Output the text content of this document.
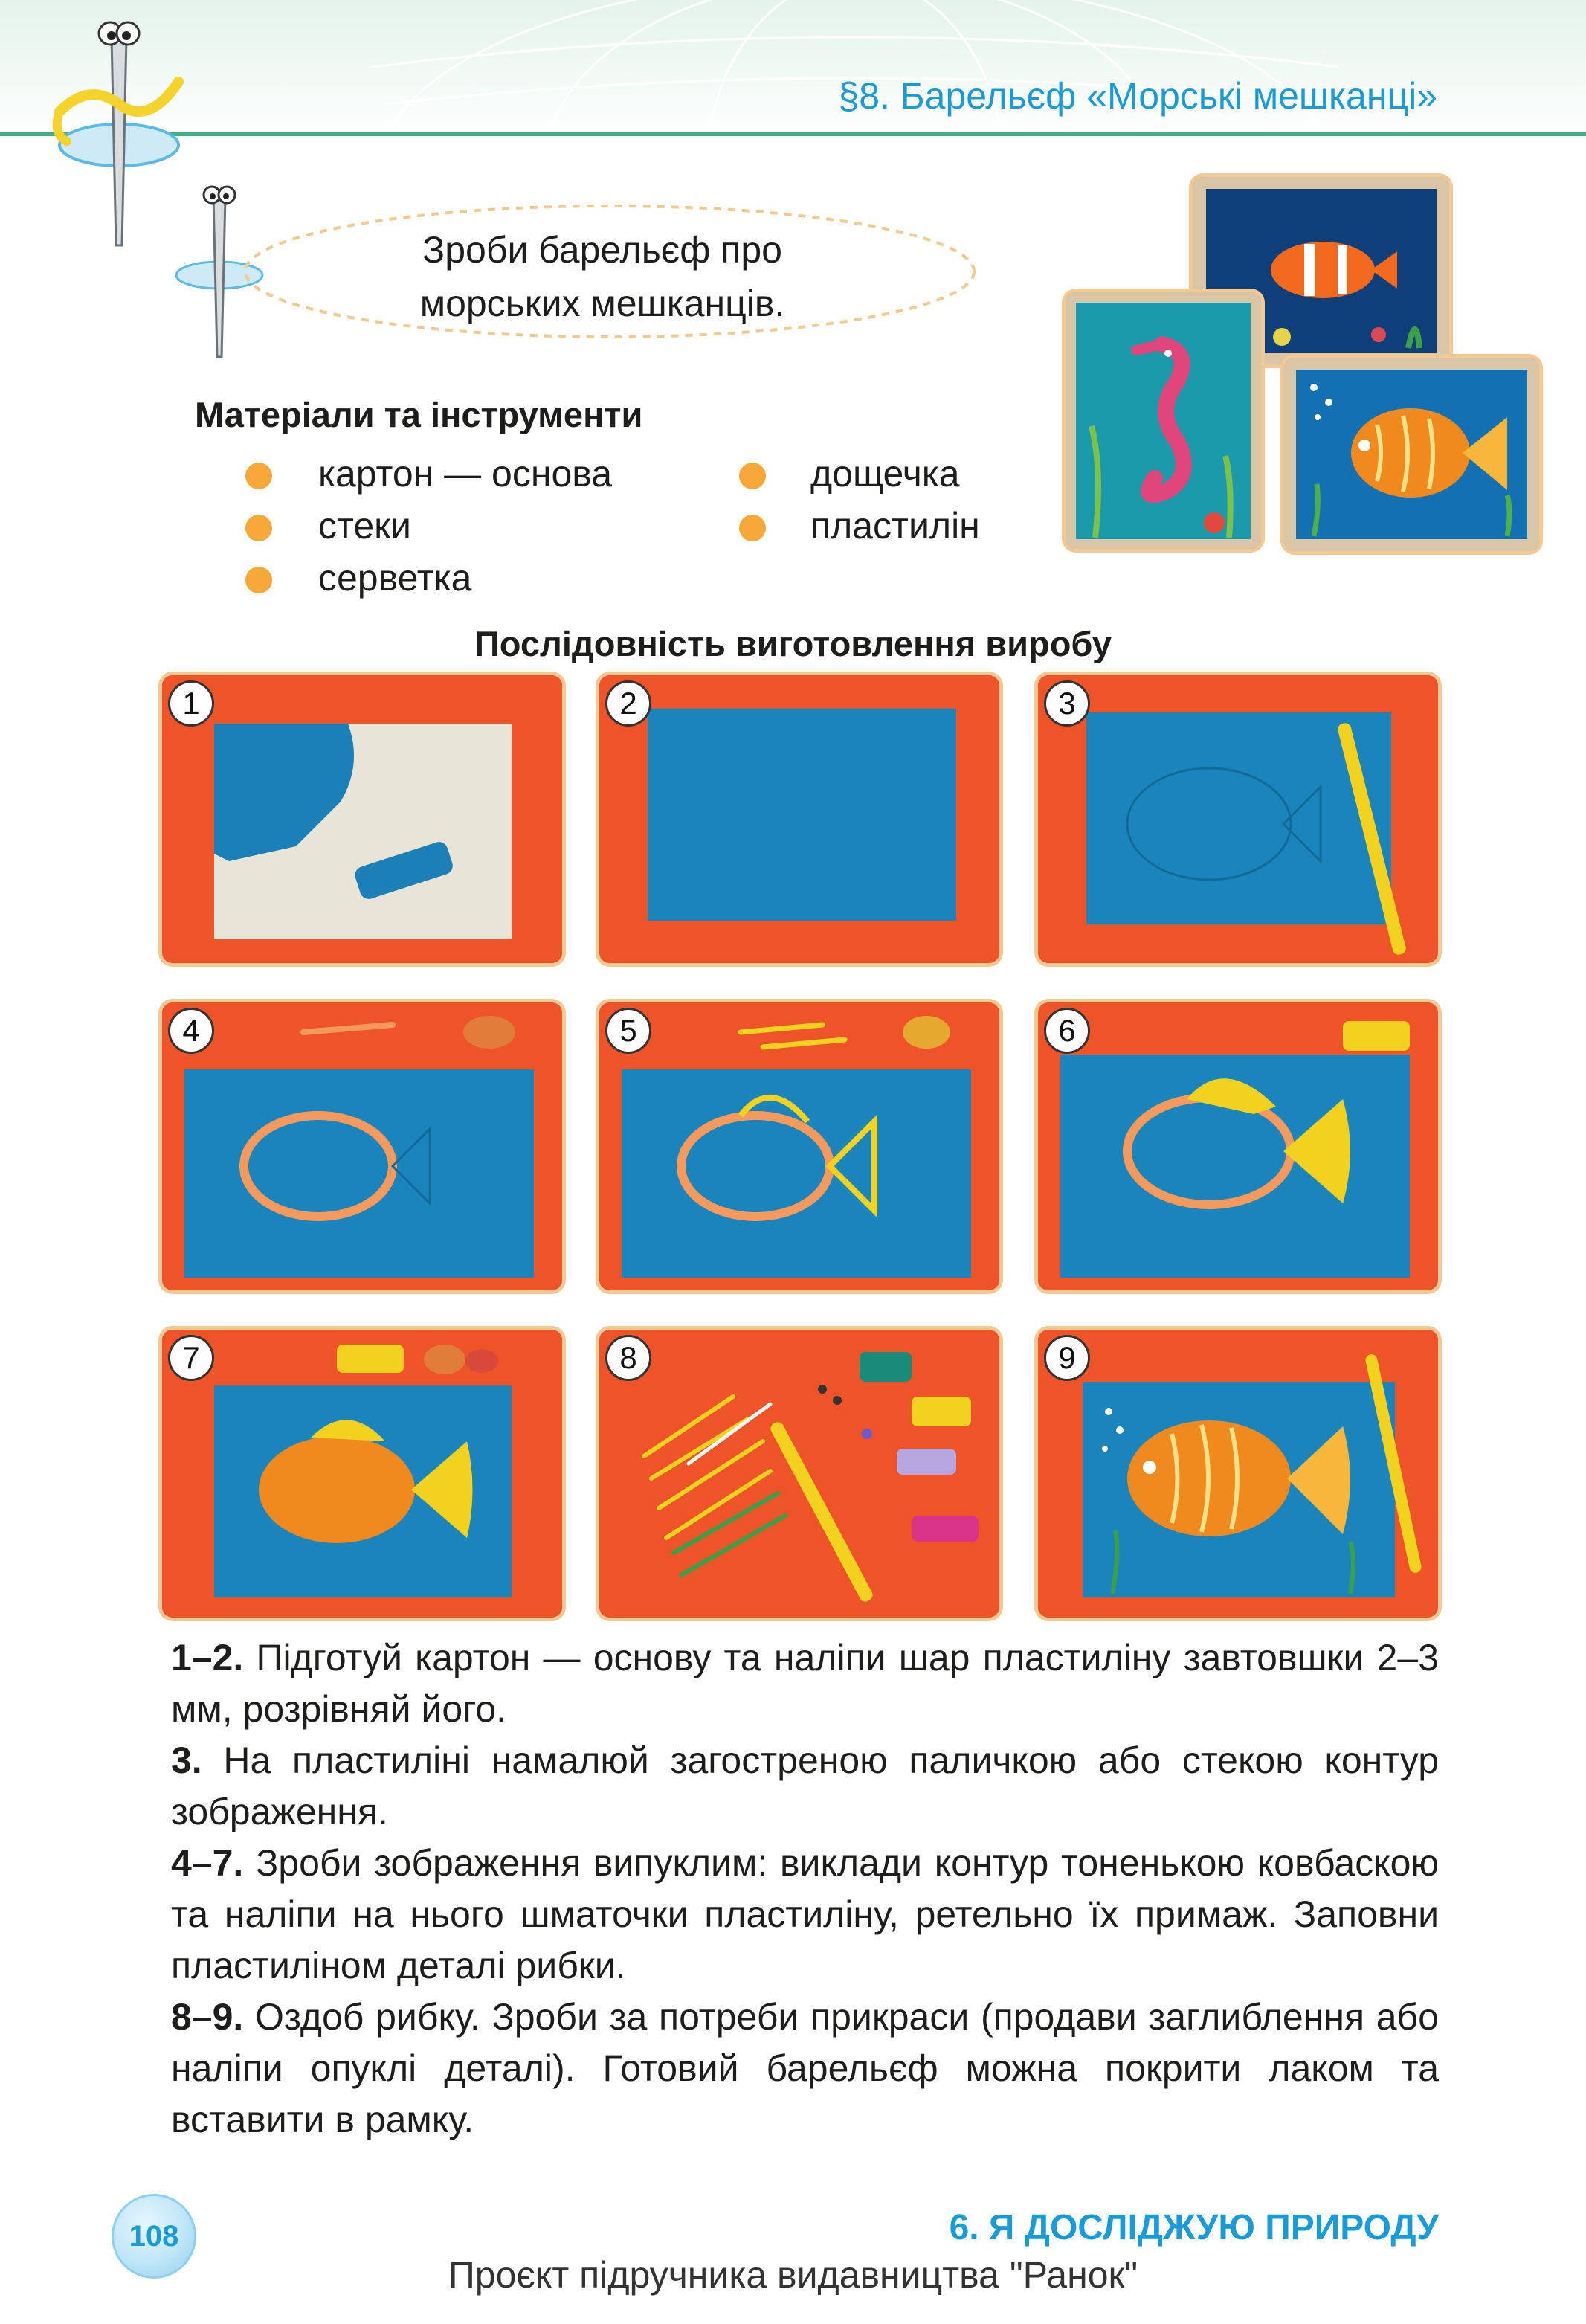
§8. Барельєф «Морські мешканці»
Зроби барельєф про
морських мешканців.
Матеріали та інструменти
картон — основа
стеки
серветка
дощечка
пластилін
Послідовність виготовлення виробу
1	2	3
4	5	6
7	8	9
1–2. Підготуй картон — основу та наліпи шар пластиліну завтовшки 2–3 мм, розрівняй його.
3. На пластиліні намалюй загостреною паличкою або стекою контур зображення.
4–7. Зроби зображення випуклим: виклади контур тоненькою ковбаскою та наліпи на нього шматочки пластиліну, ретельно їх примаж. Заповни пластиліном деталі рибки.
8–9. Оздоб рибку. Зроби за потреби прикраси (продави заглиблення або наліпи опуклі деталі). Готовий барельєф можна покрити лаком та вставити в рамку.
108	6. Я ДОСЛІДЖУЮ ПРИРОДУ
Проєкт підручника видавництва "Ранок"
